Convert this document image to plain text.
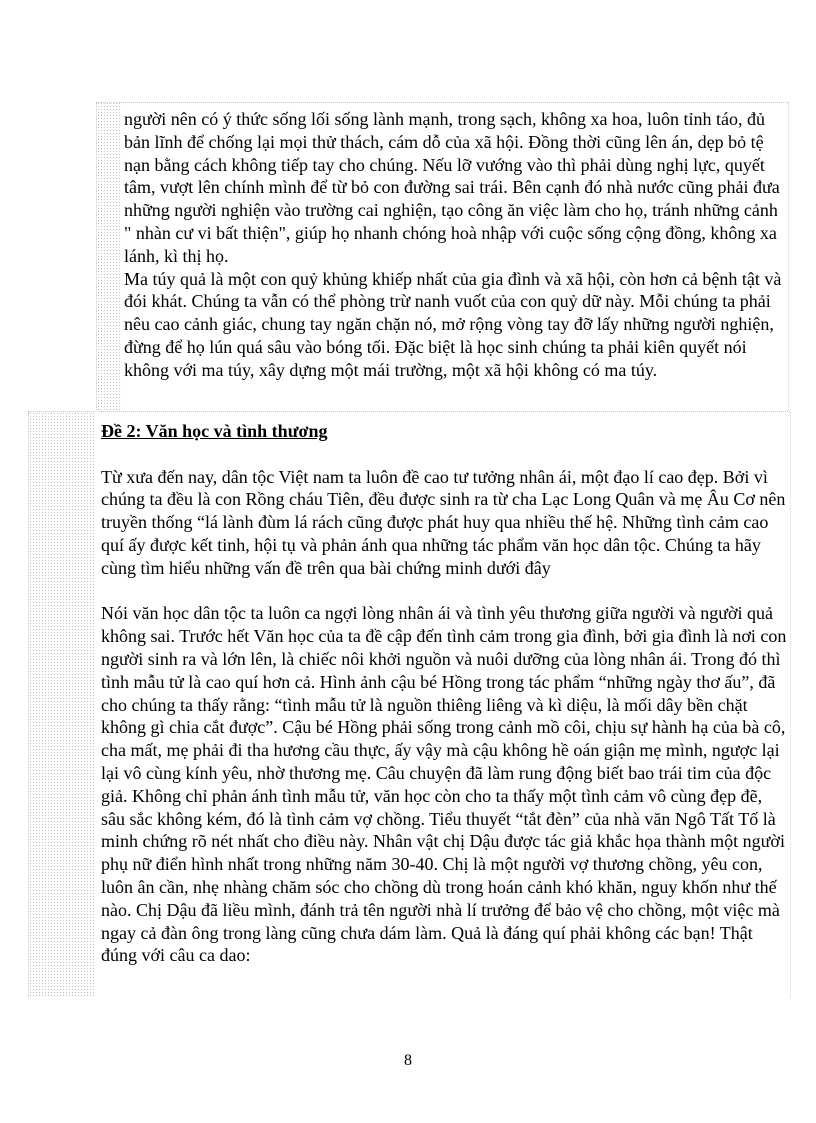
người nên có ý thức sống lối sống lành mạnh, trong sạch, không xa hoa, luôn tỉnh táo, đủ bản lĩnh để chống lại mọi thử thách, cám dỗ của xã hội. Đồng thời cũng lên án, dẹp bỏ tệ nạn bằng cách không tiếp tay cho chúng. Nếu lỡ vướng vào thì phải dùng nghị lực, quyết tâm, vượt lên chính mình để từ bỏ con đường sai trái. Bên cạnh đó nhà nước cũng phải đưa những người nghiện vào trường cai nghiện, tạo công ăn việc làm cho họ, tránh những cảnh " nhàn cư vi bất thiện", giúp họ nhanh chóng hoà nhập với cuộc sống cộng đồng, không xa lánh, kì thị họ.

Ma túy quả là một con quỷ khủng khiếp nhất của gia đình và xã hội, còn hơn cả bệnh tật và đói khát. Chúng ta vẫn có thể phòng trừ nanh vuốt của con quỷ dữ này. Mỗi chúng ta phải nêu cao cảnh giác, chung tay ngăn chặn nó, mở rộng vòng tay đỡ lấy những người nghiện, đừng để họ lún quá sâu vào bóng tối. Đặc biệt là học sinh chúng ta phải kiên quyết nói không với ma túy, xây dựng một mái trường, một xã hội không có ma túy.

Đề 2: Văn học và tình thương

Từ xưa đến nay, dân tộc Việt nam ta luôn đề cao tư tưởng nhân ái, một đạo lí cao đẹp. Bởi vì chúng ta đều là con Rồng cháu Tiên, đều được sinh ra từ cha Lạc Long Quân và mẹ Âu Cơ nên truyền thống “lá lành đùm lá rách cũng được phát huy qua nhiều thế hệ. Những tình cảm cao quí ấy được kết tinh, hội tụ và phản ánh qua những tác phẩm văn học dân tộc. Chúng ta hãy cùng tìm hiểu những vấn đề trên qua bài chứng minh dưới đây

Nói văn học dân tộc ta luôn ca ngợi lòng nhân ái và tình yêu thương giữa người và người quả không sai. Trước hết Văn học của ta đề cập đến tình cảm trong gia đình, bởi gia đình là nơi con người sinh ra và lớn lên, là chiếc nôi khởi nguồn và nuôi dưỡng của lòng nhân ái. Trong đó thì tình mẫu tử là cao quí hơn cả. Hình ảnh cậu bé Hồng trong tác phẩm “những ngày thơ ấu”, đã cho chúng ta thấy rằng: “tình mẫu tử là nguồn thiêng liêng và kì diệu, là mối dây bền chặt không gì chia cắt được”. Cậu bé Hồng phải sống trong cảnh mồ côi, chịu sự hành hạ của bà cô, cha mất, mẹ phải đi tha hương cầu thực, ấy vậy mà cậu không hề oán giận mẹ mình, ngược lại lại vô cùng kính yêu, nhờ thương mẹ. Câu chuyện đã làm rung động biết bao trái tim của độc giả. Không chỉ phản ánh tình mẫu tử, văn học còn cho ta thấy một tình cảm vô cùng đẹp đẽ, sâu sắc không kém, đó là tình cảm vợ chồng. Tiểu thuyết “tắt đèn” của nhà văn Ngô Tất Tố là minh chứng rõ nét nhất cho điều này. Nhân vật chị Dậu được tác giả khắc họa thành một người phụ nữ điển hình nhất trong những năm 30-40. Chị là một người vợ thương chồng, yêu con, luôn ân cần, nhẹ nhàng chăm sóc cho chồng dù trong hoán cảnh khó khăn, nguy khốn như thế nào. Chị Dậu đã liều mình, đánh trả tên người nhà lí trưởng để bảo vệ cho chồng, một việc mà ngay cả đàn ông trong làng cũng chưa dám làm. Quả là đáng quí phải không các bạn! Thật đúng với câu ca dao:

8
